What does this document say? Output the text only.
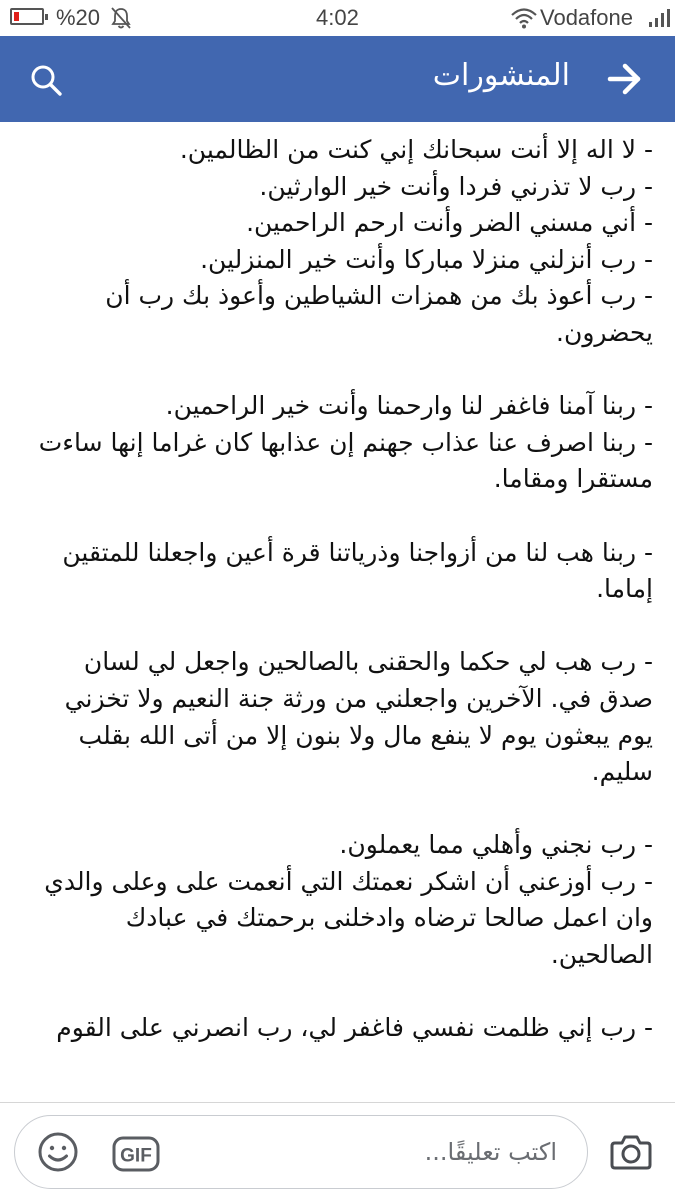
%20	4:02	Vodafone
المنشورات
- لا اله إلا أنت سبحانك إني كنت من الظالمين.
- رب لا تذرني فردا وأنت خير الوارثين.
- أني مسني الضر وأنت ارحم الراحمين.
- رب أنزلني منزلا مباركا وأنت خير المنزلين.
- رب أعوذ بك من همزات الشياطين وأعوذ بك رب أن
يحضرون.
- ربنا آمنا فاغفر لنا وارحمنا وأنت خير الراحمين.
- ربنا اصرف عنا عذاب جهنم إن عذابها كان غراما إنها ساءت
مستقرا ومقاما.
- ربنا هب لنا من أزواجنا وذرياتنا قرة أعين واجعلنا للمتقين
إماما.
- رب هب لي حكما والحقنى بالصالحين واجعل لي لسان
صدق في. الآخرين واجعلني من ورثة جنة النعيم ولا تخزني
يوم يبعثون يوم لا ينفع مال ولا بنون إلا من أتى الله بقلب
سليم.
- رب نجني وأهلي مما يعملون.
- رب أوزعني أن اشكر نعمتك التي أنعمت على وعلى والدي
وان اعمل صالحا ترضاه وادخلنى برحمتك في عبادك
الصالحين.
- رب إني ظلمت نفسي فاغفر لي، رب انصرني على القوم
اكتب تعليقًا...
GIF
